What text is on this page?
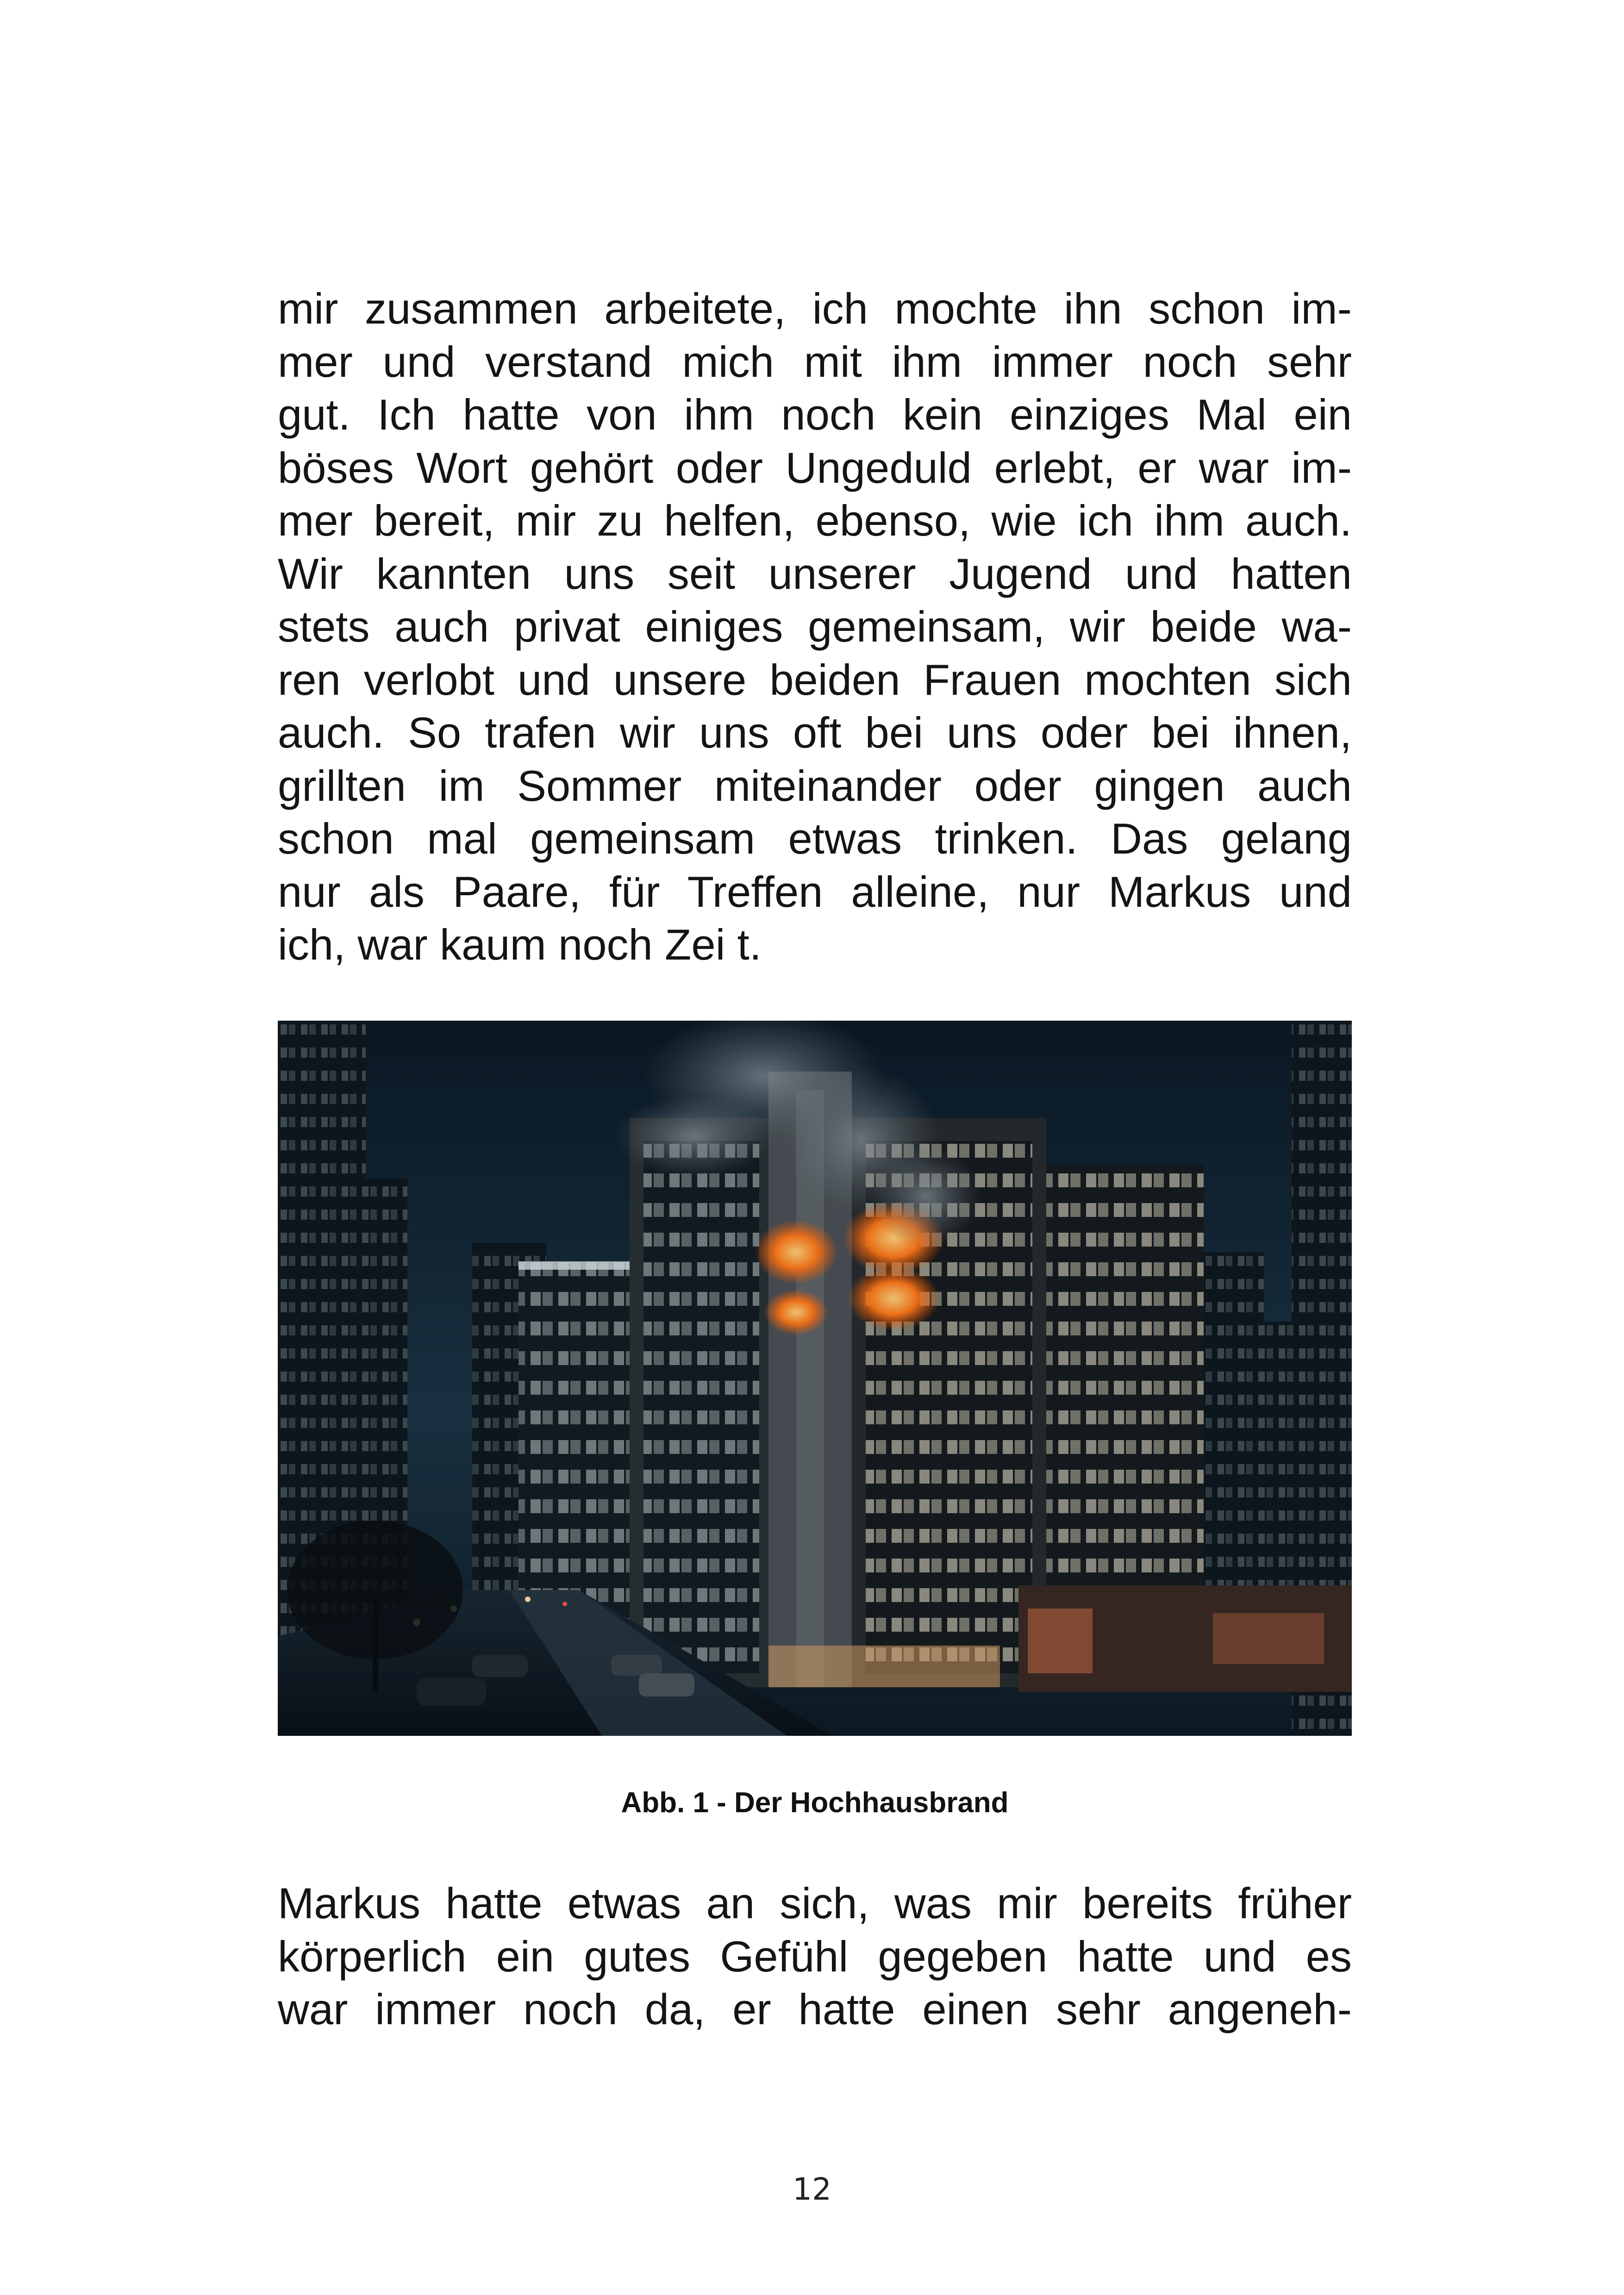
mir zusammen arbeitete, ich mochte ihn schon im-
mer und verstand mich mit ihm immer noch sehr
gut. Ich hatte von ihm noch kein einziges Mal ein
böses Wort gehört oder Ungeduld erlebt, er war im-
mer bereit, mir zu helfen, ebenso, wie ich ihm auch.
Wir kannten uns seit unserer Jugend und hatten
stets auch privat einiges gemeinsam, wir beide wa-
ren verlobt und unsere beiden Frauen mochten sich
auch. So trafen wir uns oft bei uns oder bei ihnen,
grillten im Sommer miteinander oder gingen auch
schon mal gemeinsam etwas trinken. Das gelang
nur als Paare, für Treffen alleine, nur Markus und
ich, war kaum noch Zei t.
Abb. 1 - Der Hochhausbrand
Markus hatte etwas an sich, was mir bereits früher
körperlich ein gutes Gefühl gegeben hatte und es
war immer noch da, er hatte einen sehr angeneh-
12
